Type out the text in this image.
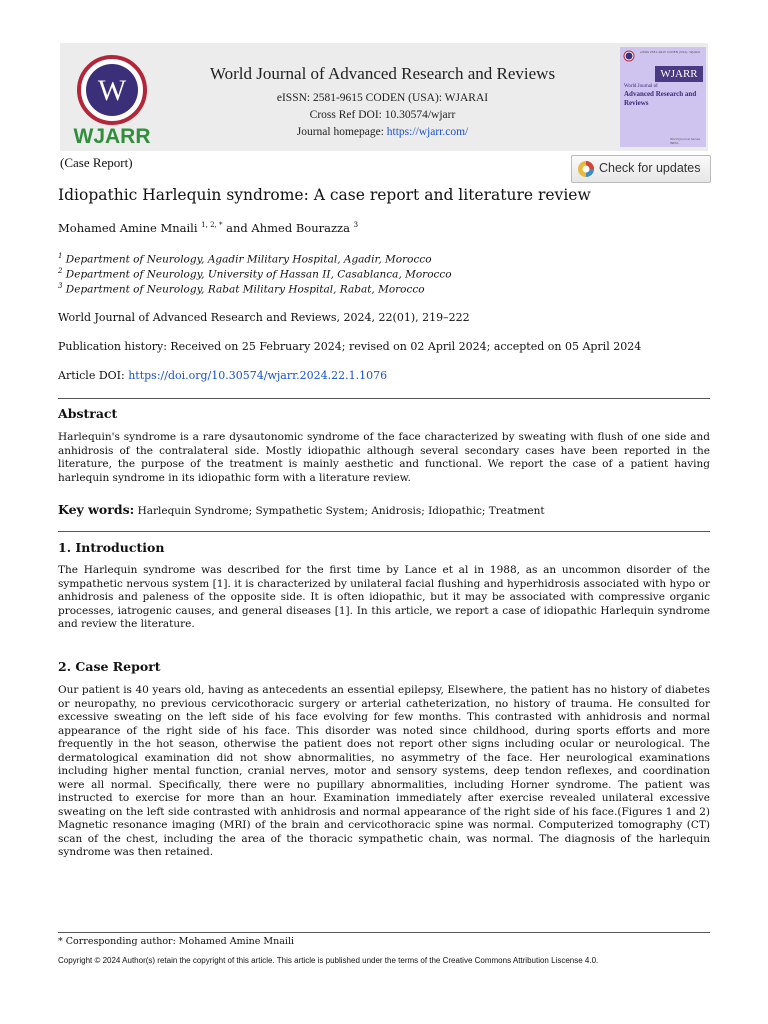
W
WJARR
World Journal of Advanced Research and Reviews
eISSN: 2581-9615 CODEN (USA): WJARAI
Cross Ref DOI: 10.30574/wjarr
Journal homepage: https://wjarr.com/
eISSN 2581-9615 CODEN (USA): WJARAI
WJARR
World Journal of
Advanced Research and Reviews
World Journal Series INDIA
(Case Report)	Check for updates
Idiopathic Harlequin syndrome: A case report and literature review
Mohamed Amine Mnaili $^{1, 2, *}$ and Ahmed Bourazza $^3$
$^1$ Department of Neurology, Agadir Military Hospital, Agadir, Morocco
$^2$ Department of Neurology, University of Hassan II, Casablanca, Morocco
$^3$ Department of Neurology, Rabat Military Hospital, Rabat, Morocco
World Journal of Advanced Research and Reviews, 2024, 22(01), 219–222
Publication history: Received on 25 February 2024; revised on 02 April 2024; accepted on 05 April 2024
Article DOI: https://doi.org/10.30574/wjarr.2024.22.1.1076
Abstract
Harlequin's syndrome is a rare dysautonomic syndrome of the face characterized by sweating with flush of one side and anhidrosis of the contralateral side. Mostly idiopathic although several secondary cases have been reported in the literature, the purpose of the treatment is mainly aesthetic and functional. We report the case of a patient having harlequin syndrome in its idiopathic form with a literature review.
Key words: Harlequin Syndrome; Sympathetic System; Anidrosis; Idiopathic; Treatment
1. Introduction
The Harlequin syndrome was described for the first time by Lance et al in 1988, as an uncommon disorder of the sympathetic nervous system [1]. it is characterized by unilateral facial flushing and hyperhidrosis associated with hypo or anhidrosis and paleness of the opposite side. It is often idiopathic, but it may be associated with compressive organic processes, iatrogenic causes, and general diseases [1]. In this article, we report a case of idiopathic Harlequin syndrome and review the literature.
2. Case Report
Our patient is 40 years old, having as antecedents an essential epilepsy, Elsewhere, the patient has no history of diabetes or neuropathy, no previous cervicothoracic surgery or arterial catheterization, no history of trauma. He consulted for excessive sweating on the left side of his face evolving for few months. This contrasted with anhidrosis and normal appearance of the right side of his face. This disorder was noted since childhood, during sports efforts and more frequently in the hot season, otherwise the patient does not report other signs including ocular or neurological. The dermatological examination did not show abnormalities, no asymmetry of the face. Her neurological examinations including higher mental function, cranial nerves, motor and sensory systems, deep tendon reflexes, and coordination were all normal. Specifically, there were no pupillary abnormalities, including Horner syndrome. The patient was instructed to exercise for more than an hour. Examination immediately after exercise revealed unilateral excessive sweating on the left side contrasted with anhidrosis and normal appearance of the right side of his face.(Figures 1 and 2) Magnetic resonance imaging (MRI) of the brain and cervicothoracic spine was normal. Computerized tomography (CT) scan of the chest, including the area of the thoracic sympathetic chain, was normal. The diagnosis of the harlequin syndrome was then retained.
* Corresponding author: Mohamed Amine Mnaili
Copyright © 2024 Author(s) retain the copyright of this article. This article is published under the terms of the Creative Commons Attribution Liscense 4.0.
